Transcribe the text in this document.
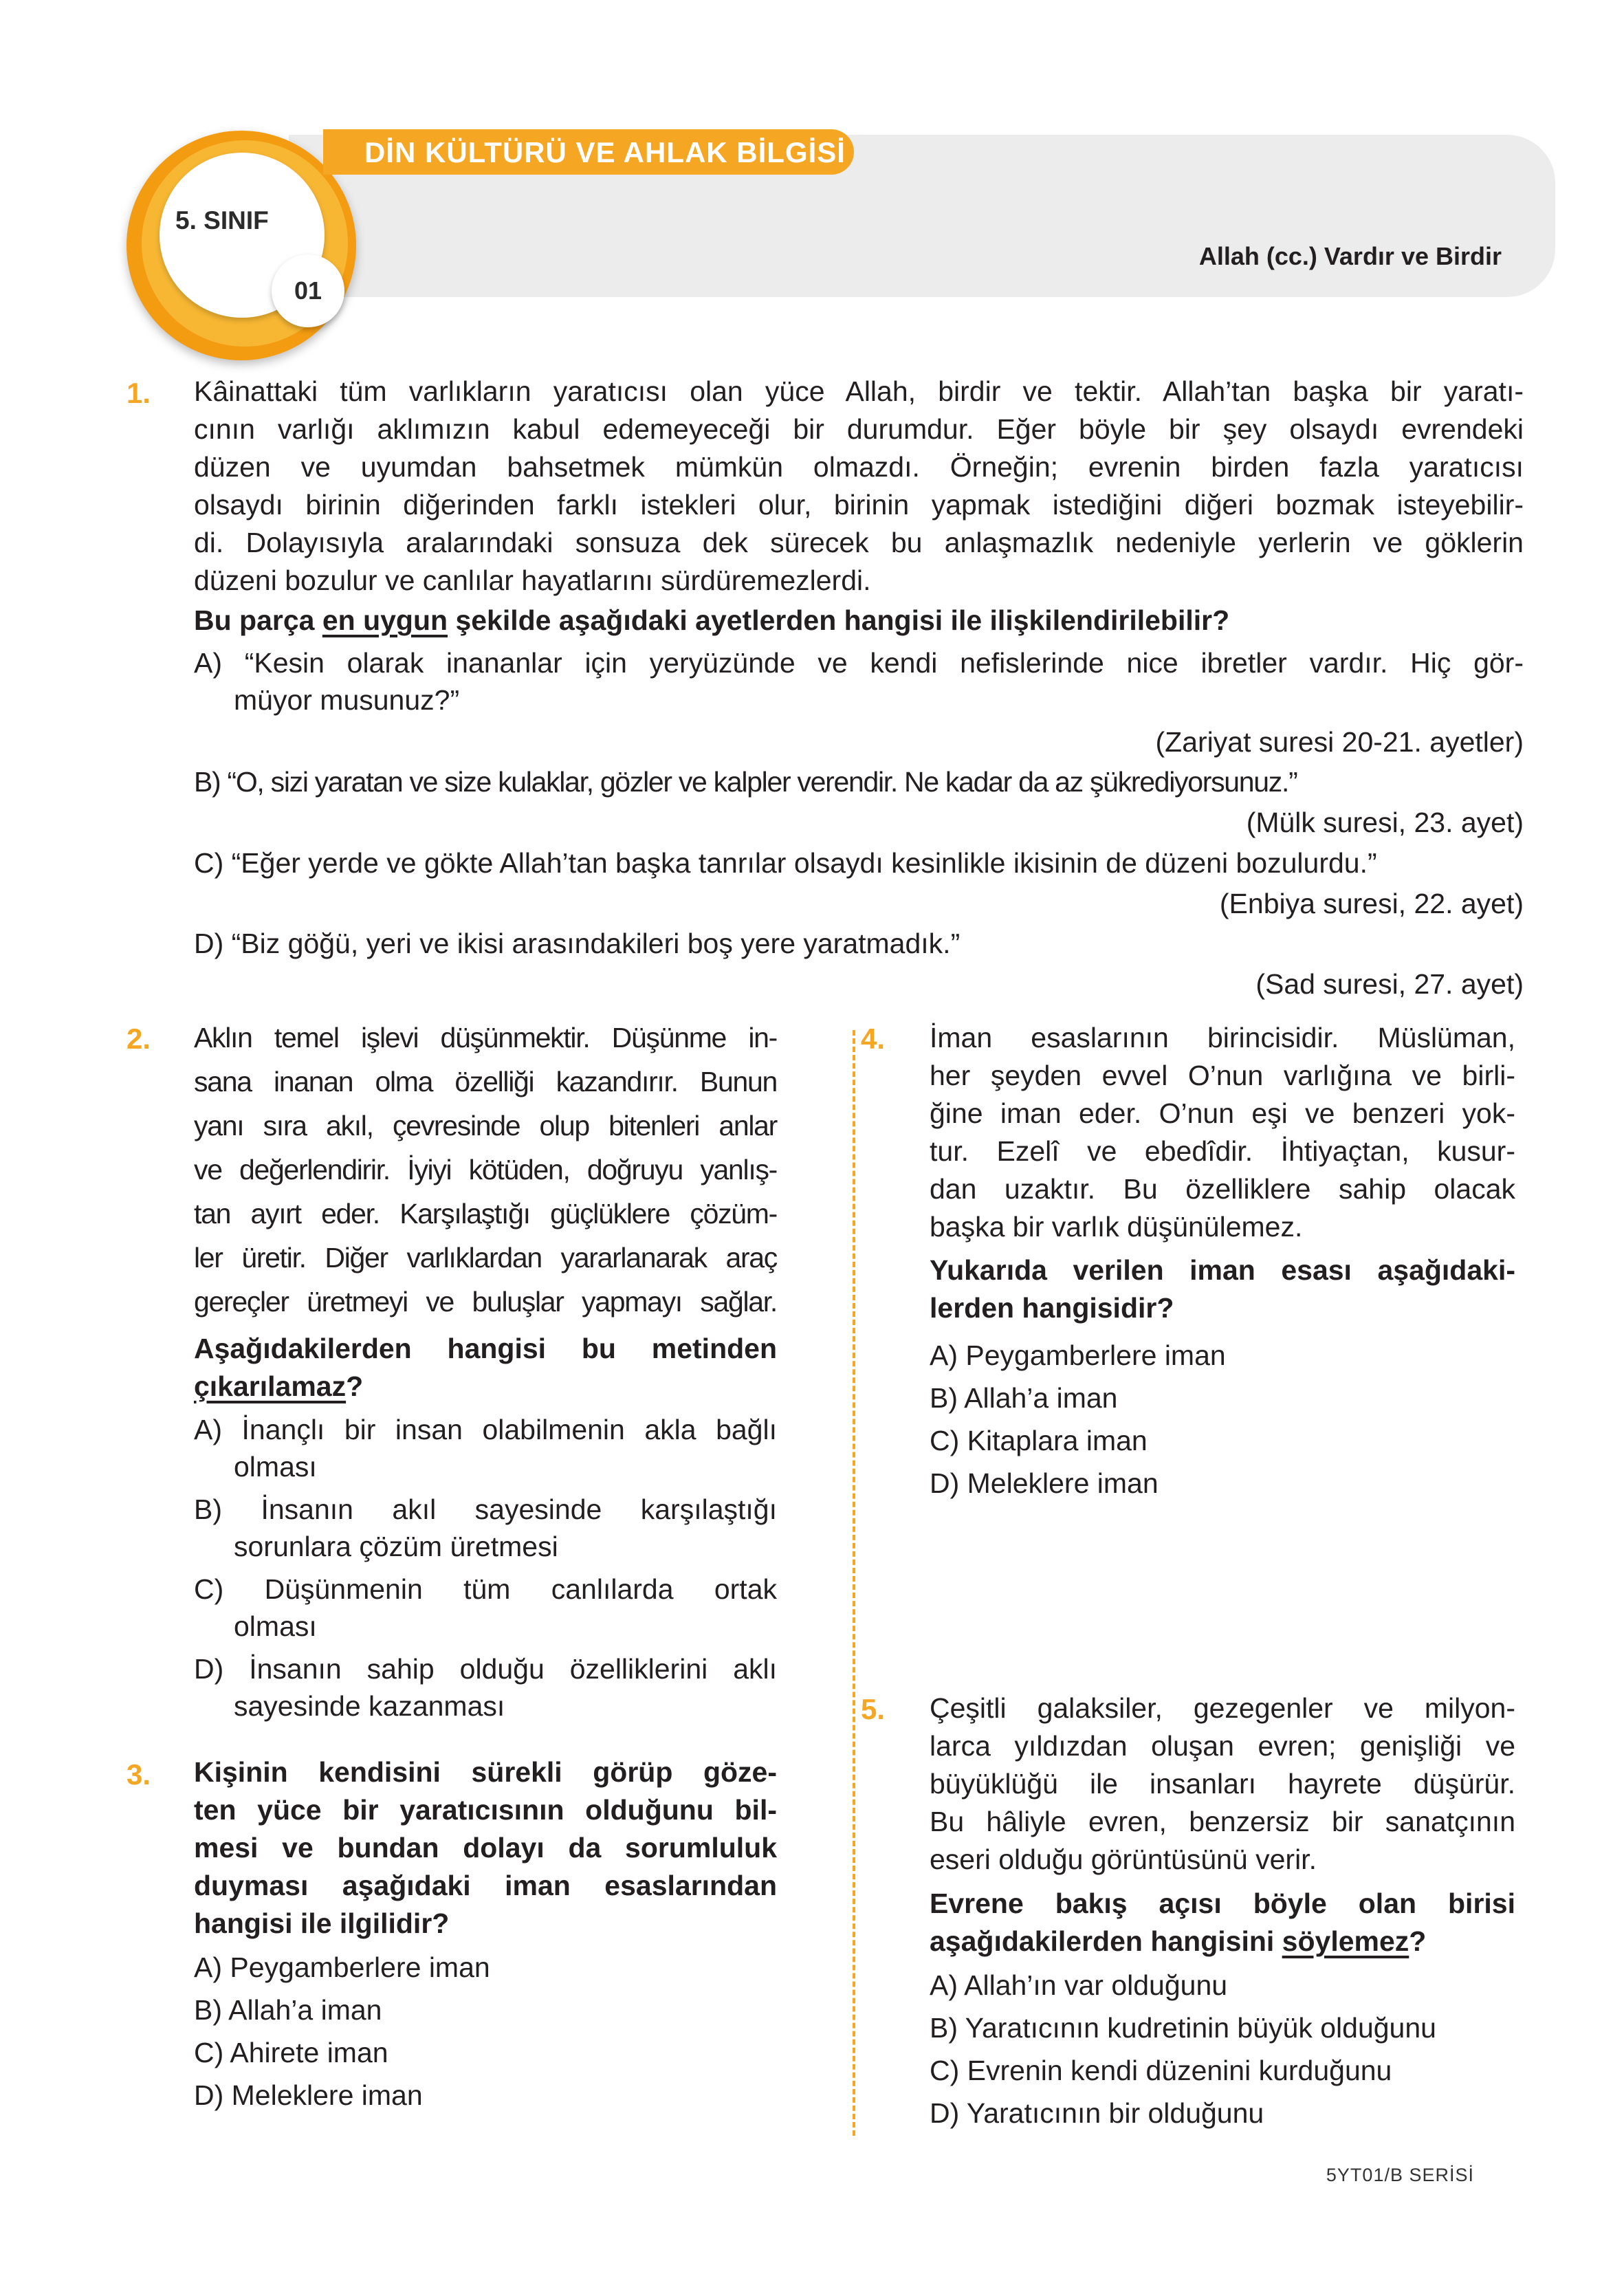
DİN KÜLTÜRÜ VE AHLAK BİLGİSİ
5. SINIF
01
Allah (cc.) Vardır ve Birdir
1. Kâinattaki tüm varlıkların yaratıcısı olan yüce Allah, birdir ve tektir. Allah’tan başka bir yaratı-
cının varlığı aklımızın kabul edemeyeceği bir durumdur. Eğer böyle bir şey olsaydı evrendeki
düzen ve uyumdan bahsetmek mümkün olmazdı. Örneğin; evrenin birden fazla yaratıcısı
olsaydı birinin diğerinden farklı istekleri olur, birinin yapmak istediğini diğeri bozmak isteyebilir-
di. Dolayısıyla aralarındaki sonsuza dek sürecek bu anlaşmazlık nedeniyle yerlerin ve göklerin
düzeni bozulur ve canlılar hayatlarını sürdüremezlerdi.
Bu parça en uygun şekilde aşağıdaki ayetlerden hangisi ile ilişkilendirilebilir?
A) “Kesin olarak inananlar için yeryüzünde ve kendi nefislerinde nice ibretler vardır. Hiç gör-
müyor musunuz?”
(Zariyat suresi 20-21. ayetler)
B) “O, sizi yaratan ve size kulaklar, gözler ve kalpler verendir. Ne kadar da az şükrediyorsunuz.”
(Mülk suresi, 23. ayet)
C) “Eğer yerde ve gökte Allah’tan başka tanrılar olsaydı kesinlikle ikisinin de düzeni bozulurdu.”
(Enbiya suresi, 22. ayet)
D) “Biz göğü, yeri ve ikisi arasındakileri boş yere yaratmadık.”
(Sad suresi, 27. ayet)
2. Aklın temel işlevi düşünmektir. Düşünme in-
sana inanan olma özelliği kazandırır. Bunun
yanı sıra akıl, çevresinde olup bitenleri anlar
ve değerlendirir. İyiyi kötüden, doğruyu yanlış-
tan ayırt eder. Karşılaştığı güçlüklere çözüm-
ler üretir. Diğer varlıklardan yararlanarak araç
gereçler üretmeyi ve buluşlar yapmayı sağlar.
Aşağıdakilerden hangisi bu metinden
çıkarılamaz?
A) İnançlı bir insan olabilmenin akla bağlı
olması
B) İnsanın akıl sayesinde karşılaştığı
sorunlara çözüm üretmesi
C) Düşünmenin tüm canlılarda ortak
olması
D) İnsanın sahip olduğu özelliklerini aklı
sayesinde kazanması
3. Kişinin kendisini sürekli görüp göze-
ten yüce bir yaratıcısının olduğunu bil-
mesi ve bundan dolayı da sorumluluk
duyması aşağıdaki iman esaslarından
hangisi ile ilgilidir?
A) Peygamberlere iman
B) Allah’a iman
C) Ahirete iman
D) Meleklere iman
4. İman esaslarının birincisidir. Müslüman,
her şeyden evvel O’nun varlığına ve birli-
ğine iman eder. O’nun eşi ve benzeri yok-
tur. Ezelî ve ebedîdir. İhtiyaçtan, kusur-
dan uzaktır. Bu özelliklere sahip olacak
başka bir varlık düşünülemez.
Yukarıda verilen iman esası aşağıdaki-
lerden hangisidir?
A) Peygamberlere iman
B) Allah’a iman
C) Kitaplara iman
D) Meleklere iman
5. Çeşitli galaksiler, gezegenler ve milyon-
larca yıldızdan oluşan evren; genişliği ve
büyüklüğü ile insanları hayrete düşürür.
Bu hâliyle evren, benzersiz bir sanatçının
eseri olduğu görüntüsünü verir.
Evrene bakış açısı böyle olan birisi
aşağıdakilerden hangisini söylemez?
A) Allah’ın var olduğunu
B) Yaratıcının kudretinin büyük olduğunu
C) Evrenin kendi düzenini kurduğunu
D) Yaratıcının bir olduğunu
5YT01/B SERİSİ
